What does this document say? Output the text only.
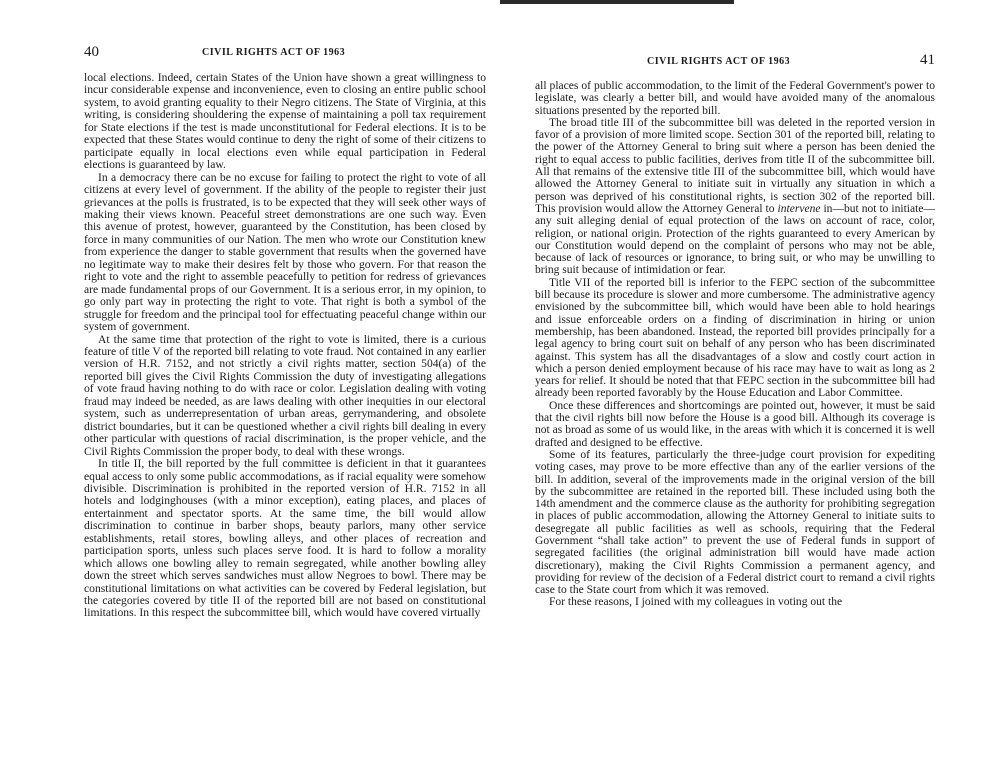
40	CIVIL RIGHTS ACT OF 1963

local elections. Indeed, certain States of the Union have shown a great willingness to incur considerable expense and inconvenience, even to closing an entire public school system, to avoid granting equality to their Negro citizens. The State of Virginia, at this writing, is considering shouldering the expense of maintaining a poll tax requirement for State elections if the test is made unconstitutional for Federal elections. It is to be expected that these States would continue to deny the right of some of their citizens to participate equally in local elections even while equal participation in Federal elections is guaranteed by law.

In a democracy there can be no excuse for failing to protect the right to vote of all citizens at every level of government. If the ability of the people to register their just grievances at the polls is frustrated, is to be expected that they will seek other ways of making their views known. Peaceful street demonstrations are one such way. Even this avenue of protest, however, guaranteed by the Constitution, has been closed by force in many communities of our Nation. The men who wrote our Constitution knew from experience the danger to stable government that results when the governed have no legitimate way to make their desires felt by those who govern. For that reason the right to vote and the right to assemble peacefully to petition for redress of grievances are made fundamental props of our Government. It is a serious error, in my opinion, to go only part way in protecting the right to vote. That right is both a symbol of the struggle for freedom and the principal tool for effectuating peaceful change within our system of government.

At the same time that protection of the right to vote is limited, there is a curious feature of title V of the reported bill relating to vote fraud. Not contained in any earlier version of H.R. 7152, and not strictly a civil rights matter, section 504(a) of the reported bill gives the Civil Rights Commission the duty of investigating allegations of vote fraud having nothing to do with race or color. Legislation dealing with voting fraud may indeed be needed, as are laws dealing with other inequities in our electoral system, such as underrepresentation of urban areas, gerrymandering, and obsolete district boundaries, but it can be questioned whether a civil rights bill dealing in every other particular with questions of racial discrimination, is the proper vehicle, and the Civil Rights Commission the proper body, to deal with these wrongs.

In title II, the bill reported by the full committee is deficient in that it guarantees equal access to only some public accommodations, as if racial equality were somehow divisible. Discrimination is prohibited in the reported version of H.R. 7152 in all hotels and lodginghouses (with a minor exception), eating places, and places of entertainment and spectator sports. At the same time, the bill would allow discrimination to continue in barber shops, beauty parlors, many other service establishments, retail stores, bowling alleys, and other places of recreation and participation sports, unless such places serve food. It is hard to follow a morality which allows one bowling alley to remain segregated, while another bowling alley down the street which serves sandwiches must allow Negroes to bowl. There may be constitutional limitations on what activities can be covered by Federal legislation, but the categories covered by title II of the reported bill are not based on constitutional limitations. In this respect the subcommittee bill, which would have covered virtually

CIVIL RIGHTS ACT OF 1963	41

all places of public accommodation, to the limit of the Federal Government's power to legislate, was clearly a better bill, and would have avoided many of the anomalous situations presented by the reported bill.

The broad title III of the subcommittee bill was deleted in the reported version in favor of a provision of more limited scope. Section 301 of the reported bill, relating to the power of the Attorney General to bring suit where a person has been denied the right to equal access to public facilities, derives from title II of the subcommittee bill. All that remains of the extensive title III of the subcommittee bill, which would have allowed the Attorney General to initiate suit in virtually any situation in which a person was deprived of his constitutional rights, is section 302 of the reported bill. This provision would allow the Attorney General to intervene in—but not to initiate—any suit alleging denial of equal protection of the laws on account of race, color, religion, or national origin. Protection of the rights guaranteed to every American by our Constitution would depend on the complaint of persons who may not be able, because of lack of resources or ignorance, to bring suit, or who may be unwilling to bring suit because of intimidation or fear.

Title VII of the reported bill is inferior to the FEPC section of the subcommittee bill because its procedure is slower and more cumbersome. The administrative agency envisioned by the subcommittee bill, which would have been able to hold hearings and issue enforceable orders on a finding of discrimination in hiring or union membership, has been abandoned. Instead, the reported bill provides principally for a legal agency to bring court suit on behalf of any person who has been discriminated against. This system has all the disadvantages of a slow and costly court action in which a person denied employment because of his race may have to wait as long as 2 years for relief. It should be noted that that FEPC section in the subcommittee bill had already been reported favorably by the House Education and Labor Committee.

Once these differences and shortcomings are pointed out, however, it must be said that the civil rights bill now before the House is a good bill. Although its coverage is not as broad as some of us would like, in the areas with which it is concerned it is well drafted and designed to be effective.

Some of its features, particularly the three-judge court provision for expediting voting cases, may prove to be more effective than any of the earlier versions of the bill. In addition, several of the improvements made in the original version of the bill by the subcommittee are retained in the reported bill. These included using both the 14th amendment and the commerce clause as the authority for prohibiting segregation in places of public accommodation, allowing the Attorney General to initiate suits to desegregate all public facilities as well as schools, requiring that the Federal Government “shall take action” to prevent the use of Federal funds in support of segregated facilities (the original administration bill would have made action discretionary), making the Civil Rights Commission a permanent agency, and providing for review of the decision of a Federal district court to remand a civil rights case to the State court from which it was removed.

For these reasons, I joined with my colleagues in voting out the
